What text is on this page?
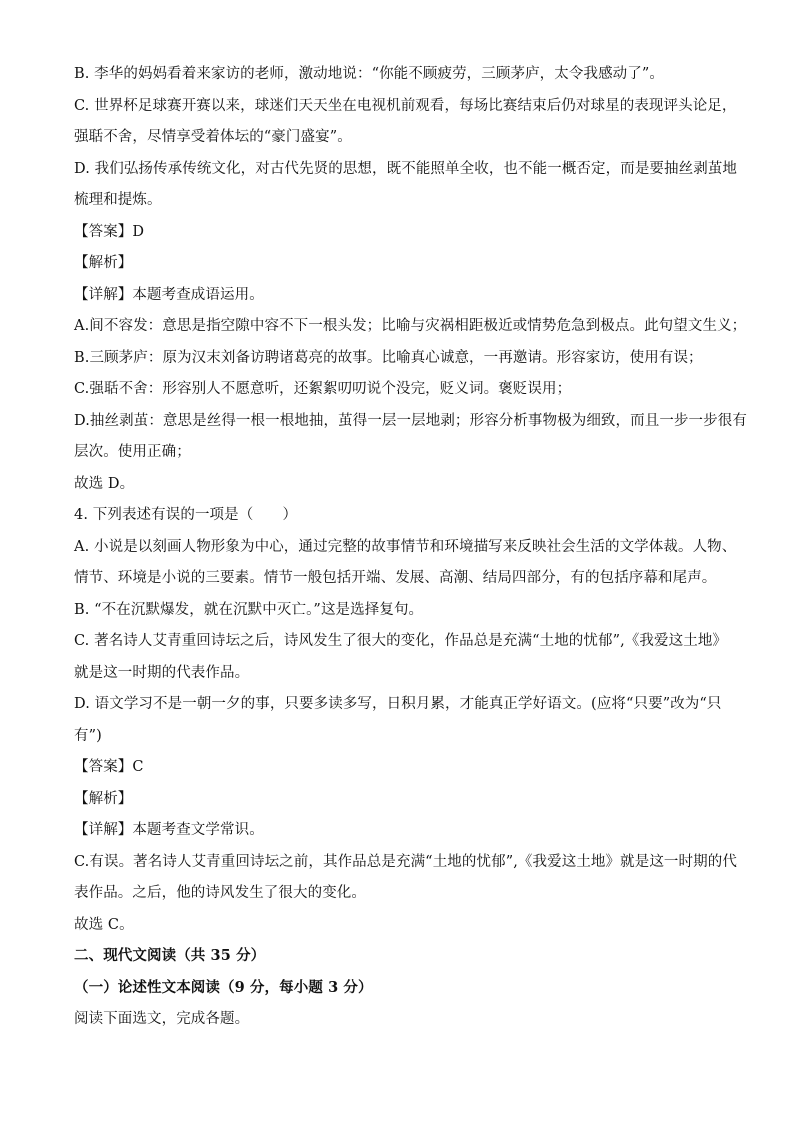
B. 李华的妈妈看着来家访的老师，激动地说：“你能不顾疲劳，三顾茅庐，太令我感动了”。
C. 世界杯足球赛开赛以来，球迷们天天坐在电视机前观看，每场比赛结束后仍对球星的表现评头论足，
强聒不舍，尽情享受着体坛的“豪门盛宴”。
D. 我们弘扬传承传统文化，对古代先贤的思想，既不能照单全收，也不能一概否定，而是要抽丝剥茧地
梳理和提炼。
【答案】D
【解析】
【详解】本题考查成语运用。
A.间不容发：意思是指空隙中容不下一根头发；比喻与灾祸相距极近或情势危急到极点。此句望文生义；
B.三顾茅庐：原为汉末刘备访聘诸葛亮的故事。比喻真心诚意，一再邀请。形容家访，使用有误；
C.强聒不舍：形容别人不愿意听，还絮絮叨叨说个没完，贬义词。褒贬误用；
D.抽丝剥茧：意思是丝得一根一根地抽，茧得一层一层地剥；形容分析事物极为细致，而且一步一步很有
层次。使用正确；
故选 D。
4. 下列表述有误的一项是（　　）
A. 小说是以刻画人物形象为中心，通过完整的故事情节和环境描写来反映社会生活的文学体裁。人物、
情节、环境是小说的三要素。情节一般包括开端、发展、高潮、结局四部分，有的包括序幕和尾声。
B. “不在沉默爆发，就在沉默中灭亡。”这是选择复句。
C. 著名诗人艾青重回诗坛之后，诗风发生了很大的变化，作品总是充满“土地的忧郁”,《我爱这土地》
就是这一时期的代表作品。
D. 语文学习不是一朝一夕的事，只要多读多写，日积月累，才能真正学好语文。(应将“只要”改为“只
有”)
【答案】C
【解析】
【详解】本题考查文学常识。
C.有误。著名诗人艾青重回诗坛之前，其作品总是充满“土地的忧郁”,《我爱这土地》就是这一时期的代
表作品。之后，他的诗风发生了很大的变化。
故选 C。
二、现代文阅读（共 35 分）
（一）论述性文本阅读（9 分，每小题 3 分）
阅读下面选文，完成各题。
